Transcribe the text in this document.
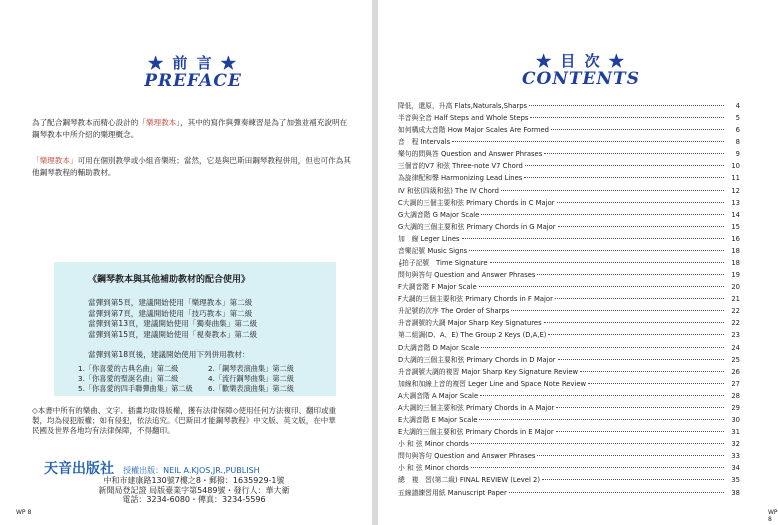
★ 前 言 ★
PREFACE

為了配合鋼琴教本而精心設計的「樂理教本」，其中的寫作與彈奏練習是為了加強並補充說明在鋼琴教本中所介紹的樂理概念。

「樂理教本」可用在個別教學或小組音樂班；當然，它是與巴斯田鋼琴教程併用，但也可作為其他鋼琴教程的輔助教材。

《鋼琴教本與其他補助教材的配合使用》
當彈到第5頁，建議開始使用「樂理教本」第二級
當彈到第7頁，建議開始使用「技巧教本」第二級
當彈到第13頁，建議開始使用「獨奏曲集」第二級
當彈到第15頁，建議開始使用「視奏教本」第二級
當彈到第18頁後，建議開始使用下列併用教材：
1.「你喜愛的古典名曲」第二級
3.「你喜愛的聖誕名曲」第二級
5.「你喜愛的四手聯彈曲集」第二級
2.「鋼琴表演曲集」第二級
4.「流行鋼琴曲集」第二級
6.「歡樂表演曲集」第二級

◇本書中所有的樂曲、文字、插畫均取得版權，獲有法律保障◇使用任何方法複印、翻印或重製，均為侵犯版權；如有侵犯，依法追究。《巴斯田才能鋼琴教程》中文版、英文版，在中華民國及世界各地均有法律保障，不得翻印。

天音出版社 授權出版：NEIL A.KJOS,JR.,PUBLISH
中和市建康路130號7樓之8・郵撥：1635929-1號
新聞局登記證 局版臺業字第5489號・發行人：華大衛
電話：3234-6080・傳真：3234-5596
WP 8
★ 目 次 ★
CONTENTS
降低，還原，升高 Flats,Naturals,Sharps	4
半音與全音 Half Steps and Whole Steps	5
如何構成大音階 How Major Scales Are Formed	6
音　程 Intervals	8
樂句的問與答 Question and Answer Phrases	9
三個音的V7 和弦 Three-note V7 Chord	10
為旋律配和聲 Harmonizing Lead Lines	11
IV 和弦(四級和弦) The IV Chord	12
C大調的三個主要和弦 Primary Chords in C Major	13
G大調音階 G Major Scale	14
G大調的三個主要和弦 Primary Chords in G Major	15
加　線 Leger Lines	16
音樂記號 Music Signs	18
𝄞拍子記號　Time Signature	18
問句與答句 Question and Answer Phrases	19
F大調音階 F Major Scale	20
F大調的三個主要和弦 Primary Chords in F Major	21
升記號的次序 The Order of Sharps	22
升音調號的大調 Major Sharp Key Signatures	22
第二組調(D、A、E) The Group 2 Keys (D,A,E)	23
D大調音階 D Major Scale	24
D大調的三個主要和弦 Primary Chords in D Major	25
升音調號大調的複習 Major Sharp Key Signature Review	26
加線和加線上音的複習 Leger Line and Space Note Review	27
A大調音階 A Major Scale	28
A大調的三個主要和弦 Primary Chords in A Major	29
E大調音階 E Major Scale	30
E大調的三個主要和弦 Primary Chords in E Major	31
小 和 弦 Minor chords	32
問句與答句 Question and Answer Phrases	33
小 和 弦 Minor chords	34
總　複　習(第二級) FINAL REVIEW (Level 2)	35
五線譜練習用紙 Manuscript Paper	38
WP 8
